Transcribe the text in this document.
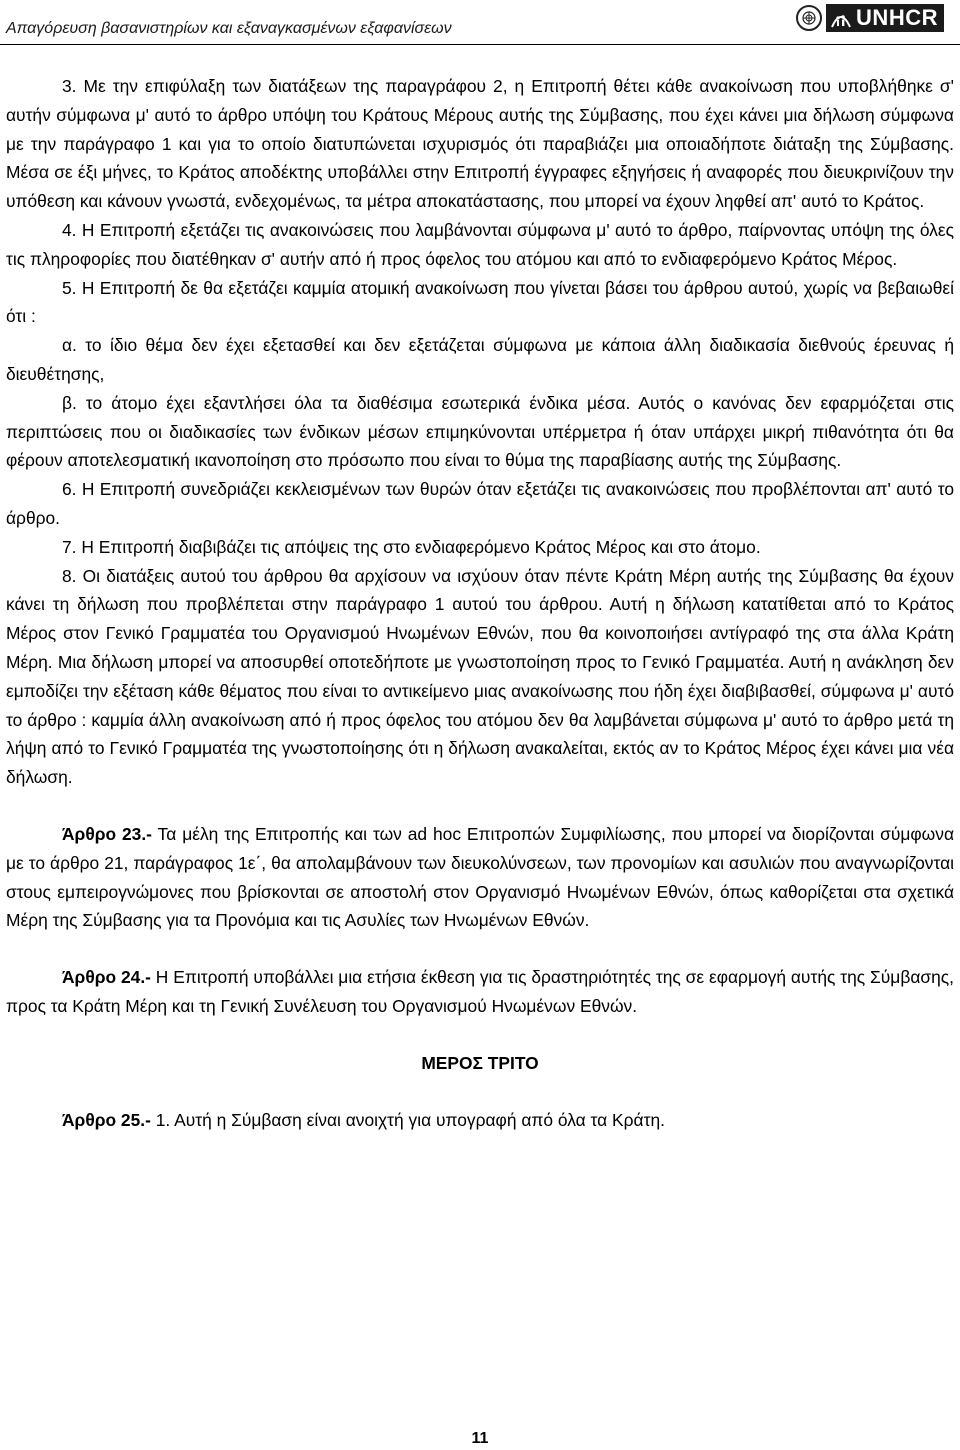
Απαγόρευση βασανιστηρίων και εξαναγκασμένων εξαφανίσεων	UNHCR

3. Με την επιφύλαξη των διατάξεων της παραγράφου 2, η Επιτροπή θέτει κάθε ανακοίνωση που υποβλήθηκε σ' αυτήν σύμφωνα μ' αυτό το άρθρο υπόψη του Κράτους Μέρους αυτής της Σύμβασης, που έχει κάνει μια δήλωση σύμφωνα με την παράγραφο 1 και για το οποίο διατυπώνεται ισχυρισμός ότι παραβιάζει μια οποιαδήποτε διάταξη της Σύμβασης. Μέσα σε έξι μήνες, το Κράτος αποδέκτης υποβάλλει στην Επιτροπή έγγραφες εξηγήσεις ή αναφορές που διευκρινίζουν την υπόθεση και κάνουν γνωστά, ενδεχομένως, τα μέτρα αποκατάστασης, που μπορεί να έχουν ληφθεί απ' αυτό το Κράτος.

4. Η Επιτροπή εξετάζει τις ανακοινώσεις που λαμβάνονται σύμφωνα μ' αυτό το άρθρο, παίρνοντας υπόψη της όλες τις πληροφορίες που διατέθηκαν σ' αυτήν από ή προς όφελος του ατόμου και από το ενδιαφερόμενο Κράτος Μέρος.

5. Η Επιτροπή δε θα εξετάζει καμμία ατομική ανακοίνωση που γίνεται βάσει του άρθρου αυτού, χωρίς να βεβαιωθεί ότι :

α. το ίδιο θέμα δεν έχει εξετασθεί και δεν εξετάζεται σύμφωνα με κάποια άλλη διαδικασία διεθνούς έρευνας ή διευθέτησης,

β. το άτομο έχει εξαντλήσει όλα τα διαθέσιμα εσωτερικά ένδικα μέσα. Αυτός ο κανόνας δεν εφαρμόζεται στις περιπτώσεις που οι διαδικασίες των ένδικων μέσων επιμηκύνονται υπέρμετρα ή όταν υπάρχει μικρή πιθανότητα ότι θα φέρουν αποτελεσματική ικανοποίηση στο πρόσωπο που είναι το θύμα της παραβίασης αυτής της Σύμβασης.

6. Η Επιτροπή συνεδριάζει κεκλεισμένων των θυρών όταν εξετάζει τις ανακοινώσεις που προβλέπονται απ' αυτό το άρθρο.

7. Η Επιτροπή διαβιβάζει τις απόψεις της στο ενδιαφερόμενο Κράτος Μέρος και στο άτομο.

8. Οι διατάξεις αυτού του άρθρου θα αρχίσουν να ισχύουν όταν πέντε Κράτη Μέρη αυτής της Σύμβασης θα έχουν κάνει τη δήλωση που προβλέπεται στην παράγραφο 1 αυτού του άρθρου. Αυτή η δήλωση κατατίθεται από το Κράτος Μέρος στον Γενικό Γραμματέα του Οργανισμού Ηνωμένων Εθνών, που θα κοινοποιήσει αντίγραφό της στα άλλα Κράτη Μέρη. Μια δήλωση μπορεί να αποσυρθεί οποτεδήποτε με γνωστοποίηση προς το Γενικό Γραμματέα. Αυτή η ανάκληση δεν εμποδίζει την εξέταση κάθε θέματος που είναι το αντικείμενο μιας ανακοίνωσης που ήδη έχει διαβιβασθεί, σύμφωνα μ' αυτό το άρθρο : καμμία άλλη ανακοίνωση από ή προς όφελος του ατόμου δεν θα λαμβάνεται σύμφωνα μ' αυτό το άρθρο μετά τη λήψη από το Γενικό Γραμματέα της γνωστοποίησης ότι η δήλωση ανακαλείται, εκτός αν το Κράτος Μέρος έχει κάνει μια νέα δήλωση.

Άρθρο 23.- Τα μέλη της Επιτροπής και των ad hoc Επιτροπών Συμφιλίωσης, που μπορεί να διορίζονται σύμφωνα με το άρθρο 21, παράγραφος 1ε΄, θα απολαμβάνουν των διευκολύνσεων, των προνομίων και ασυλιών που αναγνωρίζονται στους εμπειρογνώμονες που βρίσκονται σε αποστολή στον Οργανισμό Ηνωμένων Εθνών, όπως καθορίζεται στα σχετικά Μέρη της Σύμβασης για τα Προνόμια και τις Ασυλίες των Ηνωμένων Εθνών.

Άρθρο 24.- Η Επιτροπή υποβάλλει μια ετήσια έκθεση για τις δραστηριότητές της σε εφαρμογή αυτής της Σύμβασης, προς τα Κράτη Μέρη και τη Γενική Συνέλευση του Οργανισμού Ηνωμένων Εθνών.

ΜΕΡΟΣ ΤΡΙΤΟ

Άρθρο 25.- 1. Αυτή η Σύμβαση είναι ανοιχτή για υπογραφή από όλα τα Κράτη.

11
